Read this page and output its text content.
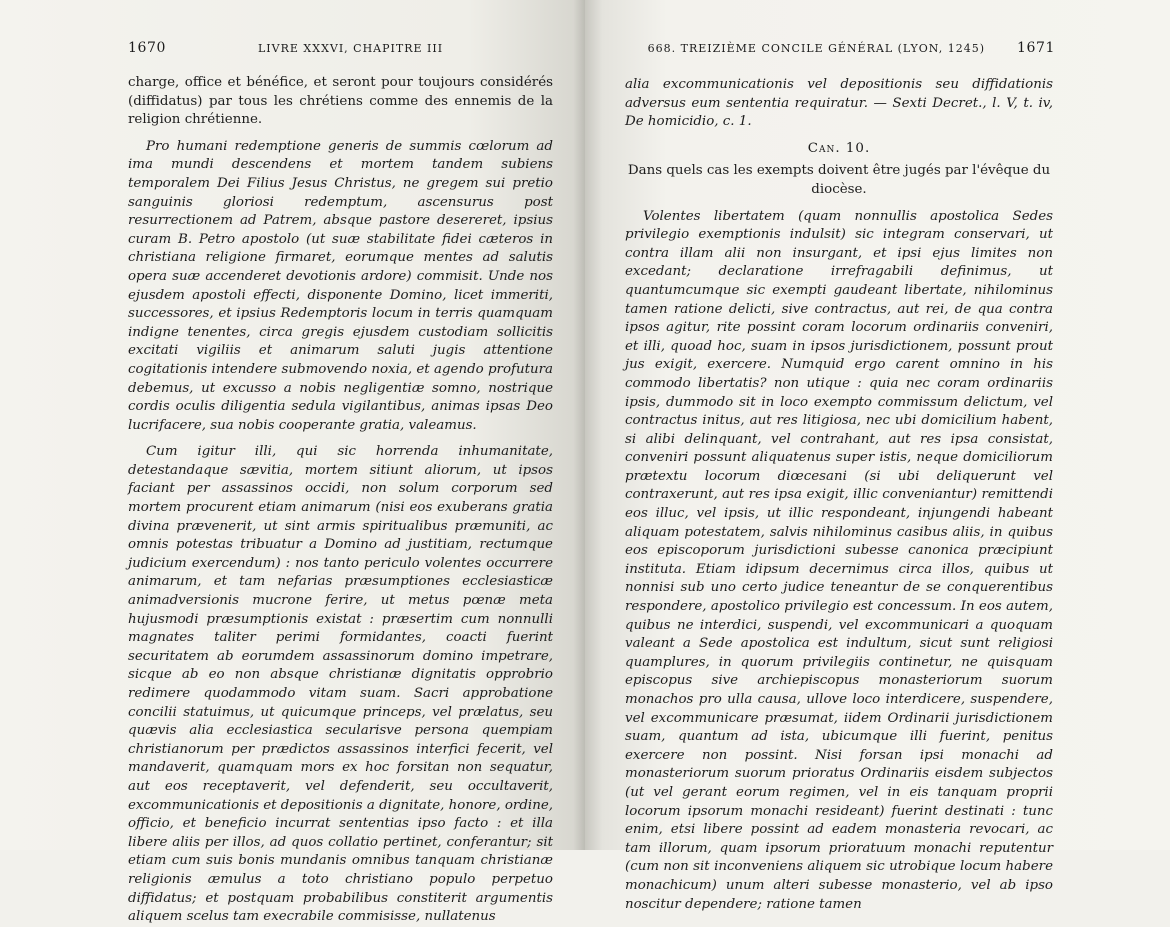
1670	LIVRE XXXVI, CHAPITRE III

charge, office et bénéfice, et seront pour toujours considérés (diffidatus) par tous les chrétiens comme des ennemis de la religion chrétienne.

Pro humani redemptione generis de summis cœlorum ad ima mundi descendens et mortem tandem subiens temporalem Dei Filius Jesus Christus, ne gregem sui pretio sanguinis gloriosi redemptum, ascensurus post resurrectionem ad Patrem, absque pastore desereret, ipsius curam B. Petro apostolo (ut suæ stabilitate fidei cæteros in christiana religione firmaret, eorumque mentes ad salutis opera suæ accenderet devotionis ardore) commisit. Unde nos ejusdem apostoli effecti, disponente Domino, licet immeriti, successores, et ipsius Redemptoris locum in terris quamquam indigne tenentes, circa gregis ejusdem custodiam sollicitis excitati vigiliis et animarum saluti jugis attentione cogitationis intendere submovendo noxia, et agendo profutura debemus, ut excusso a nobis negligentiæ somno, nostrique cordis oculis diligentia sedula vigilantibus, animas ipsas Deo lucrifacere, sua nobis cooperante gratia, valeamus.

Cum igitur illi, qui sic horrenda inhumanitate, detestandaque sævitia, mortem sitiunt aliorum, ut ipsos faciant per assassinos occidi, non solum corporum sed mortem procurent etiam animarum (nisi eos exuberans gratia divina prævenerit, ut sint armis spiritualibus præmuniti, ac omnis potestas tribuatur a Domino ad justitiam, rectumque judicium exercendum) : nos tanto periculo volentes occurrere animarum, et tam nefarias præsumptiones ecclesiasticæ animadversionis mucrone ferire, ut metus pœnæ meta hujusmodi præsumptionis existat : præsertim cum nonnulli magnates taliter perimi formidantes, coacti fuerint securitatem ab eorumdem assassinorum domino impetrare, sicque ab eo non absque christianæ dignitatis opprobrio redimere quodammodo vitam suam. Sacri approbatione concilii statuimus, ut quicumque princeps, vel prælatus, seu quævis alia ecclesiastica secularisve persona quempiam christianorum per prædictos assassinos interfici fecerit, vel mandaverit, quamquam mors ex hoc forsitan non sequatur, aut eos receptaverit, vel defenderit, seu occultaverit, excommunicationis et depositionis a dignitate, honore, ordine, officio, et beneficio incurrat sententias ipso facto : et illa libere aliis per illos, ad quos collatio pertinet, conferantur; sit etiam cum suis bonis mundanis omnibus tanquam christianæ religionis æmulus a toto christiano populo perpetuo diffidatus; et postquam probabilibus constiterit argumentis aliquem scelus tam execrabile commisisse, nullatenus

668. TREIZIÈME CONCILE GÉNÉRAL (LYON, 1245) 1671

alia excommunicationis vel depositionis seu diffidationis adversus eum sententia requiratur. — Sexti Decret., l. V, t. iv, De homicidio, c. 1.

Can. 10.

Dans quels cas les exempts doivent être jugés par l'évêque du diocèse.

Volentes libertatem (quam nonnullis apostolica Sedes privilegio exemptionis indulsit) sic integram conservari, ut contra illam alii non insurgant, et ipsi ejus limites non excedant; declaratione irrefragabili definimus, ut quantumcumque sic exempti gaudeant libertate, nihilominus tamen ratione delicti, sive contractus, aut rei, de qua contra ipsos agitur, rite possint coram locorum ordinariis conveniri, et illi, quoad hoc, suam in ipsos jurisdictionem, possunt prout jus exigit, exercere. Numquid ergo carent omnino in his commodo libertatis? non utique : quia nec coram ordinariis ipsis, dummodo sit in loco exempto commissum delictum, vel contractus initus, aut res litigiosa, nec ubi domicilium habent, si alibi delinquant, vel contrahant, aut res ipsa consistat, conveniri possunt aliquatenus super istis, neque domiciliorum prætextu locorum diœcesani (si ubi deliquerunt vel contraxerunt, aut res ipsa exigit, illic conveniantur) remittendi eos illuc, vel ipsis, ut illic respondeant, injungendi habeant aliquam potestatem, salvis nihilominus casibus aliis, in quibus eos episcoporum jurisdictioni subesse canonica præcipiunt instituta. Etiam idipsum decernimus circa illos, quibus ut nonnisi sub uno certo judice teneantur de se conquerentibus respondere, apostolico privilegio est concessum. In eos autem, quibus ne interdici, suspendi, vel excommunicari a quoquam valeant a Sede apostolica est indultum, sicut sunt religiosi quamplures, in quorum privilegiis continetur, ne quisquam episcopus sive archiepiscopus monasteriorum suorum monachos pro ulla causa, ullove loco interdicere, suspendere, vel excommunicare præsumat, iidem Ordinarii jurisdictionem suam, quantum ad ista, ubicumque illi fuerint, penitus exercere non possint. Nisi forsan ipsi monachi ad monasteriorum suorum prioratus Ordinariis eisdem subjectos (ut vel gerant eorum regimen, vel in eis tanquam proprii locorum ipsorum monachi resideant) fuerint destinati : tunc enim, etsi libere possint ad eadem monasteria revocari, ac tam illorum, quam ipsorum prioratuum monachi reputentur (cum non sit inconveniens aliquem sic utrobique locum habere monachicum) unum alteri subesse monasterio, vel ab ipso noscitur dependere; ratione tamen
